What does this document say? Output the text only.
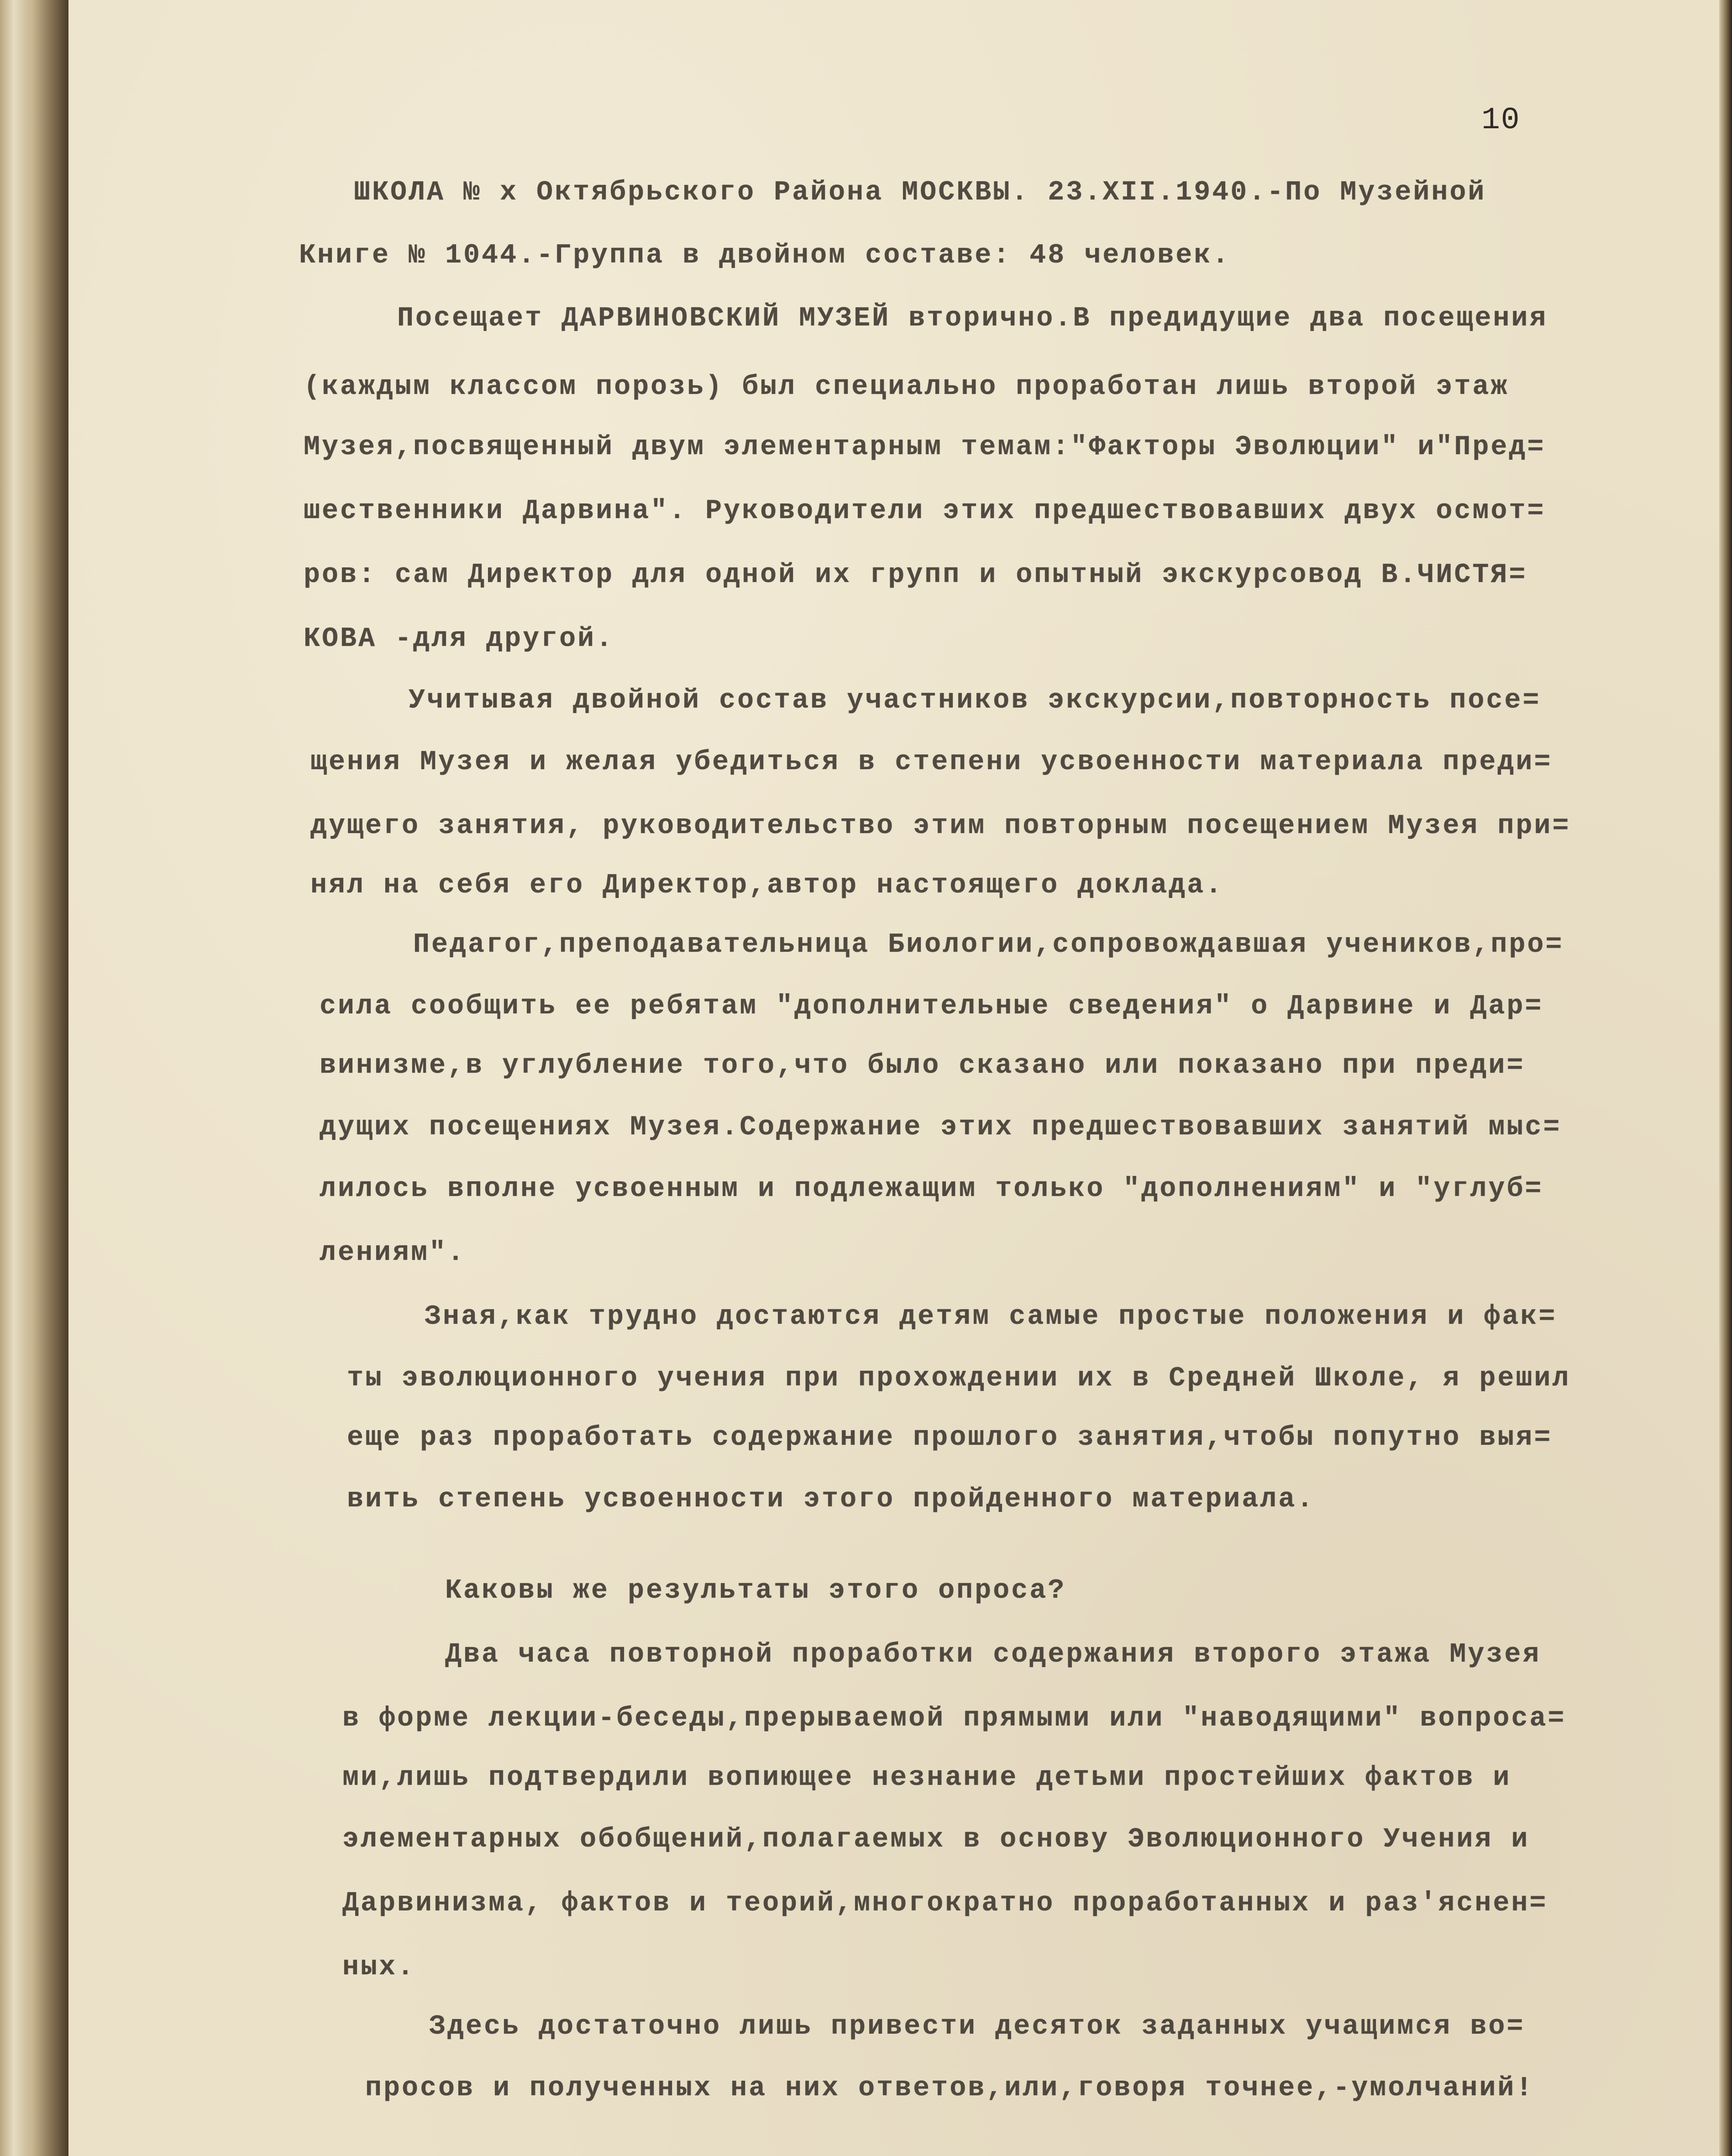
10
ШКОЛА № х Октябрьского Района МОСКВЫ. 23.XII.1940.-По Музейной
Книге № 1044.-Группа в двойном составе: 48 человек.
Посещает ДАРВИНОВСКИЙ МУЗЕЙ вторично.В предидущие два посещения
(каждым классом порозь) был специально проработан лишь второй этаж
Музея,посвященный двум элементарным темам:"Факторы Эволюции" и"Пред=
шественники Дарвина". Руководители этих предшествовавших двух осмот=
ров: сам Директор для одной их групп и опытный экскурсовод В.ЧИСТЯ=
КОВА -для другой.
Учитывая двойной состав участников экскурсии,повторность посе=
щения Музея и желая убедиться в степени усвоенности материала преди=
дущего занятия, руководительство этим повторным посещением Музея при=
нял на себя его Директор,автор настоящего доклада.
Педагог,преподавательница Биологии,сопровождавшая учеников,про=
сила сообщить ее ребятам "дополнительные сведения" о Дарвине и Дар=
винизме,в углубление того,что было сказано или показано при преди=
дущих посещениях Музея.Содержание этих предшествовавших занятий мыс=
лилось вполне усвоенным и подлежащим только "дополнениям" и "углуб=
лениям".
Зная,как трудно достаются детям самые простые положения и фак=
ты эволюционного учения при прохождении их в Средней Школе, я решил
еще раз проработать содержание прошлого занятия,чтобы попутно выя=
вить степень усвоенности этого пройденного материала.
Каковы же результаты этого опроса?
Два часа повторной проработки содержания второго этажа Музея
в форме лекции-беседы,прерываемой прямыми или "наводящими" вопроса=
ми,лишь подтвердили вопиющее незнание детьми простейших фактов и
элементарных обобщений,полагаемых в основу Эволюционного Учения и
Дарвинизма, фактов и теорий,многократно проработанных и раз'яснен=
ных.
Здесь достаточно лишь привести десяток заданных учащимся во=
просов и полученных на них ответов,или,говоря точнее,-умолчаний!
